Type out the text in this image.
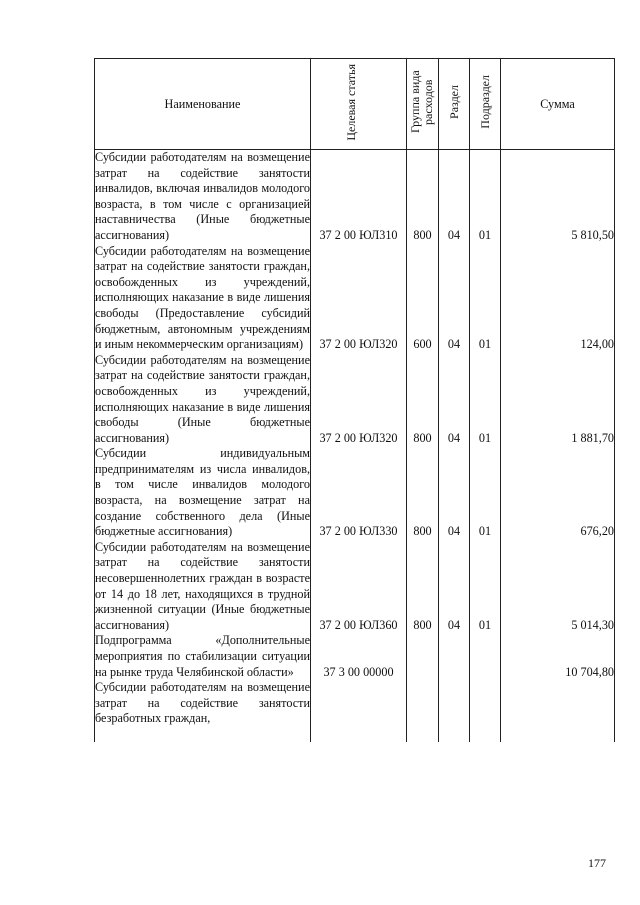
Наименование	Целевая статья	Группа вида расходов	Раздел	Подраздел	Сумма
Субсидии работодателям на возмещение затрат на содействие занятости инвалидов, включая инвалидов молодого возраста, в том числе с организацией наставничества (Иные бюджетные ассигнования)	37 2 00 ЮЛ310	800	04	01	5 810,50
Субсидии работодателям на возмещение затрат на содействие занятости граждан, освобожденных из учреждений, исполняющих наказание в виде лишения свободы (Предоставление субсидий бюджетным, автономным учреждениям и иным некоммерческим организациям)	37 2 00 ЮЛ320	600	04	01	124,00
Субсидии работодателям на возмещение затрат на содействие занятости граждан, освобожденных из учреждений, исполняющих наказание в виде лишения свободы (Иные бюджетные ассигнования)	37 2 00 ЮЛ320	800	04	01	1 881,70
Субсидии индивидуальным предпринимателям из числа инвалидов, в том числе инвалидов молодого возраста, на возмещение затрат на создание собственного дела (Иные бюджетные ассигнования)	37 2 00 ЮЛ330	800	04	01	676,20
Субсидии работодателям на возмещение затрат на содействие занятости несовершеннолетних граждан в возрасте от 14 до 18 лет, находящихся в трудной жизненной ситуации (Иные бюджетные ассигнования)	37 2 00 ЮЛ360	800	04	01	5 014,30
Подпрограмма «Дополнительные мероприятия по стабилизации ситуации на рынке труда Челябинской области»	37 3 00 00000				10 704,80
Субсидии работодателям на возмещение затрат на содействие занятости безработных граждан,					
177
